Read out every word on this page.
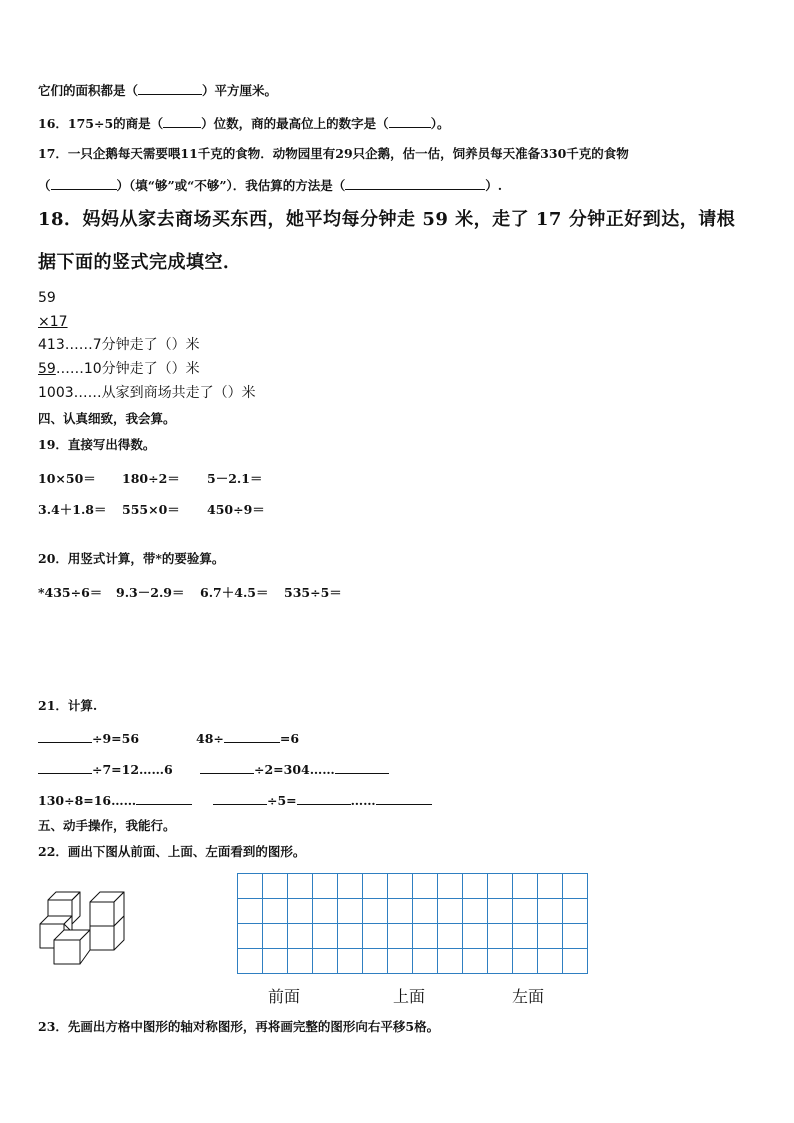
它们的面积都是（	）平方厘米。
16．175÷5的商是（	）位数，商的最高位上的数字是（	）。
17．一只企鹅每天需要喂11千克的食物．动物园里有29只企鹅，估一估，饲养员每天准备330千克的食物
（	）（填“够”或“不够”）．我估算的方法是（	）.
18．妈妈从家去商场买东西，她平均每分钟走 59 米，走了 17 分钟正好到达，请根
据下面的竖式完成填空．
59
×17
413……7分钟走了（）米
59……10分钟走了（）米
1003……从家到商场共走了（）米
四、认真细致，我会算。
19．直接写出得数。
10×50＝ 180÷2＝ 5－2.1＝
3.4＋1.8＝ 555×0＝ 450÷9＝
20．用竖式计算，带*的要验算。
*435÷6＝ 9.3－2.9＝ 6.7＋4.5＝ 535÷5＝
21．计算.
÷9=56	48÷	=6
÷7=12……6	÷2=304……
130÷8=16……	÷5=	……
五、动手操作，我能行。
22．画出下图从前面、上面、左面看到的图形。
前面	上面	左面
23．先画出方格中图形的轴对称图形，再将画完整的图形向右平移5格。
